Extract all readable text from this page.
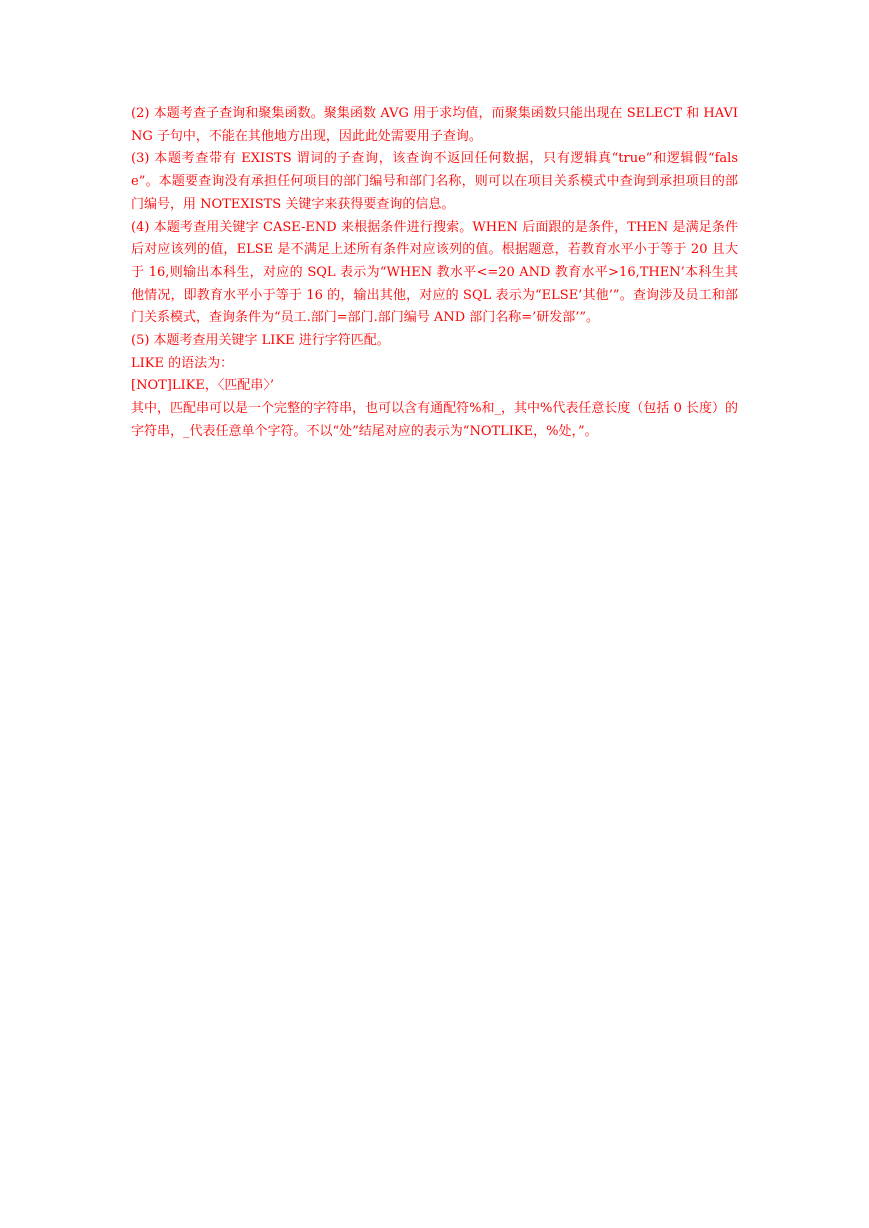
(2) 本题考查子查询和聚集函数。聚集函数 AVG 用于求均值，而聚集函数只能出现在 SELECT 和 HAVING 子句中，不能在其他地方出现，因此此处需要用子查询。

(3) 本题考查带有 EXISTS 谓词的子查询，该查询不返回任何数据，只有逻辑真“true”和逻辑假“false”。本题要查询没有承担任何项目的部门编号和部门名称，则可以在项目关系模式中查询到承担项目的部门编号，用 NOTEXISTS 关键字来获得要查询的信息。

(4) 本题考查用关键字 CASE-END 来根据条件进行搜索。WHEN 后面跟的是条件，THEN 是满足条件后对应该列的值，ELSE 是不满足上述所有条件对应该列的值。根据题意，若教育水平小于等于 20 且大于 16,则输出本科生，对应的 SQL 表示为“WHEN 教水平<=20 AND 教育水平>16,THEN’本科生其他情况，即教育水平小于等于 16 的，输出其他，对应的 SQL 表示为“ELSE’其他’”。查询涉及员工和部门关系模式，查询条件为“员工.部门=部门.部门编号 AND 部门名称=’研发部’”。

(5) 本题考查用关键字 LIKE 进行字符匹配。

LIKE 的语法为：

[NOT]LIKE，〈匹配串〉’

其中，匹配串可以是一个完整的字符串，也可以含有通配符%和_，其中%代表任意长度（包括 0 长度）的字符串，_代表任意单个字符。不以“处”结尾对应的表示为“NOTLIKE，%处，”。
